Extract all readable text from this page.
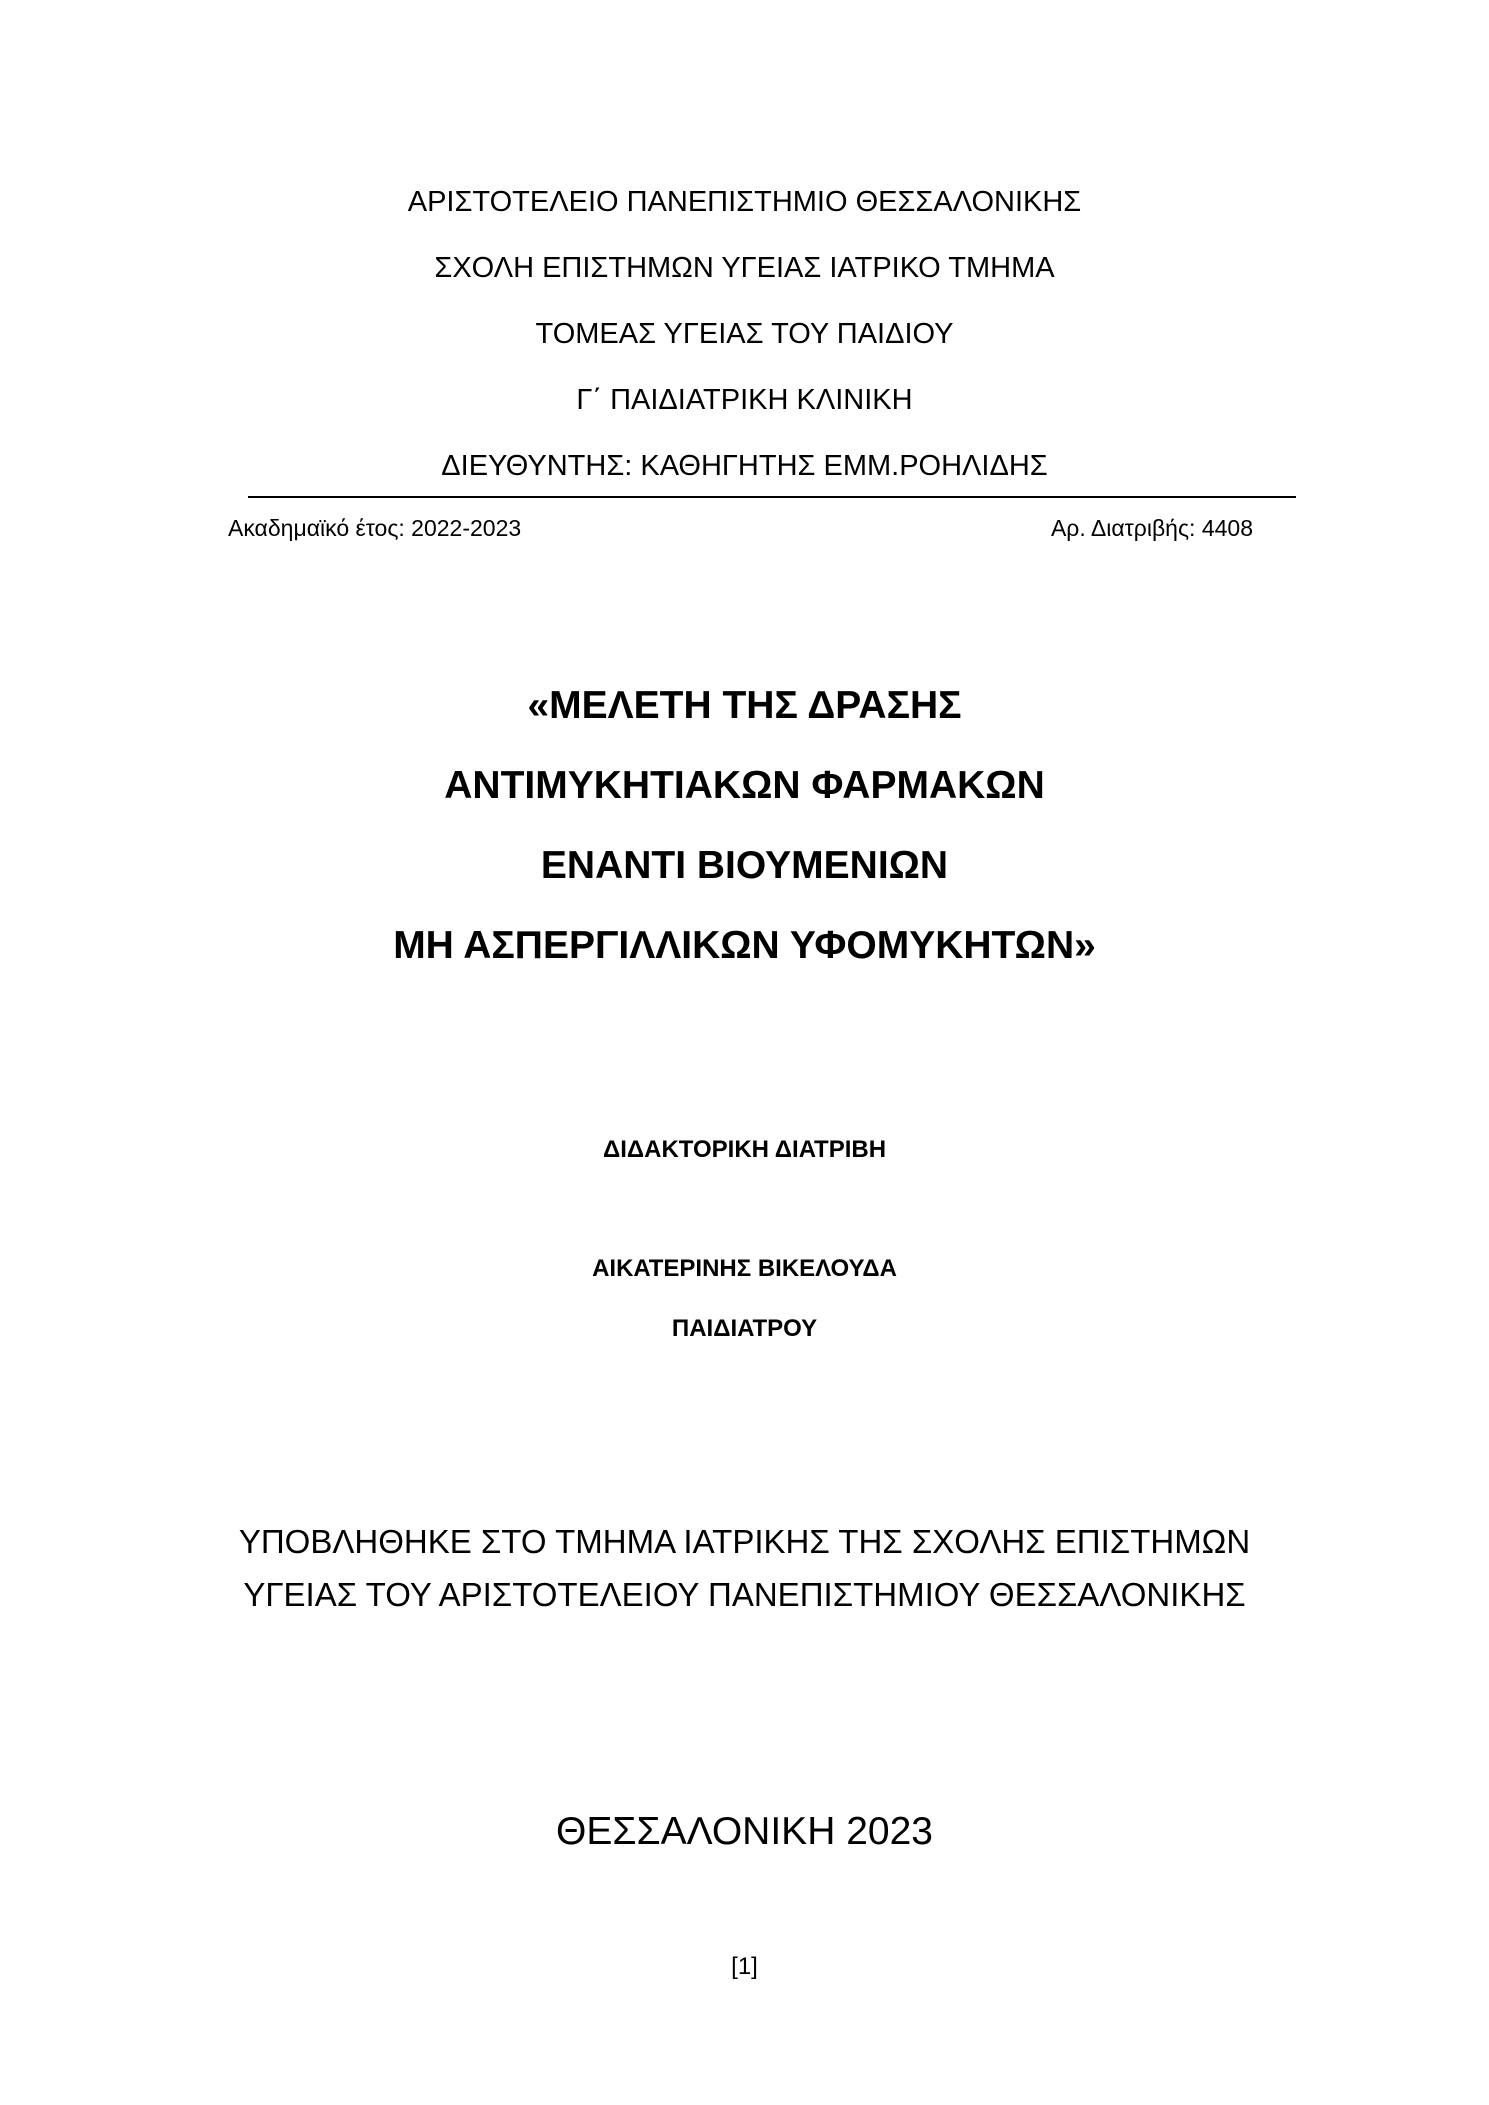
ΑΡΙΣΤΟΤΕΛΕΙΟ ΠΑΝΕΠΙΣΤΗΜΙΟ ΘΕΣΣΑΛΟΝΙΚΗΣ
ΣΧΟΛΗ ΕΠΙΣΤΗΜΩΝ ΥΓΕΙΑΣ ΙΑΤΡΙΚΟ ΤΜΗΜΑ
ΤΟΜΕΑΣ ΥΓΕΙΑΣ ΤΟΥ ΠΑΙΔΙΟΥ
Γ΄ ΠΑΙΔΙΑΤΡΙΚΗ ΚΛΙΝΙΚΗ
ΔΙΕΥΘΥΝΤΗΣ: ΚΑΘΗΓΗΤΗΣ ΕΜΜ.ΡΟΗΛΙΔΗΣ
Ακαδημαϊκό έτος: 2022-2023	Αρ. Διατριβής: 4408
«ΜΕΛΕΤΗ ΤΗΣ ΔΡΑΣΗΣ
ΑΝΤΙΜΥΚΗΤΙΑΚΩΝ ΦΑΡΜΑΚΩΝ
ΕΝΑΝΤΙ ΒΙΟΥΜΕΝΙΩΝ
ΜΗ ΑΣΠΕΡΓΙΛΛΙΚΩΝ ΥΦΟΜΥΚΗΤΩΝ»
ΔΙΔΑΚΤΟΡΙΚΗ ΔΙΑΤΡΙΒΗ
ΑΙΚΑΤΕΡΙΝΗΣ ΒΙΚΕΛΟΥΔΑ
ΠΑΙΔΙΑΤΡΟΥ
ΥΠΟΒΛΗΘΗΚΕ ΣΤΟ ΤΜΗΜΑ ΙΑΤΡΙΚΗΣ ΤΗΣ ΣΧΟΛΗΣ ΕΠΙΣΤΗΜΩΝ
ΥΓΕΙΑΣ ΤΟΥ ΑΡΙΣΤΟΤΕΛΕΙΟΥ ΠΑΝΕΠΙΣΤΗΜΙΟΥ ΘΕΣΣΑΛΟΝΙΚΗΣ
ΘΕΣΣΑΛΟΝΙΚΗ 2023
[1]
